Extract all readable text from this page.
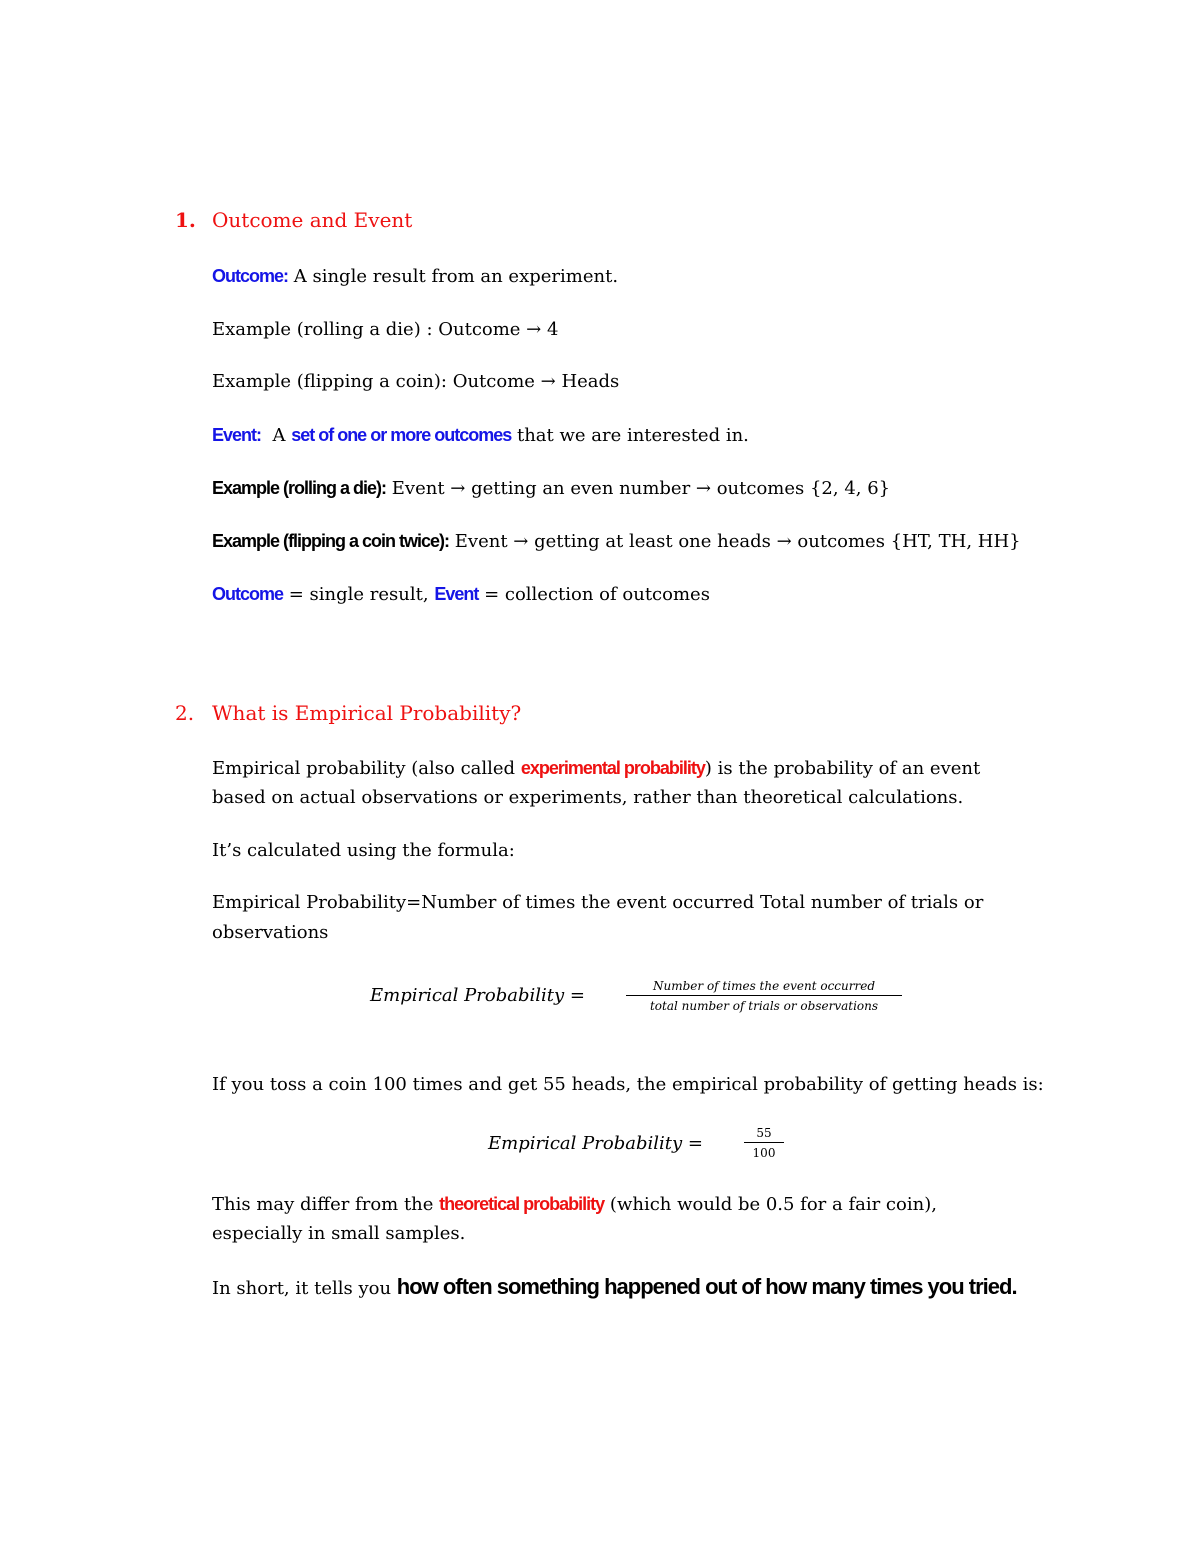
1. Outcome and Event
Outcome: A single result from an experiment.
Example (rolling a die) : Outcome → 4
Example (flipping a coin): Outcome → Heads
Event:  A set of one or more outcomes that we are interested in.
Example (rolling a die): Event → getting an even number → outcomes {2, 4, 6}
Example (flipping a coin twice): Event → getting at least one heads → outcomes {HT, TH, HH}
Outcome = single result, Event = collection of outcomes
2. What is Empirical Probability?
Empirical probability (also called experimental probability) is the probability of an event
based on actual observations or experiments, rather than theoretical calculations.
It’s calculated using the formula:
Empirical Probability=Number of times the event occurred Total number of trials or
observations
Empirical Probability =	Number of times the event occurred
total number of trials or observations
If you toss a coin 100 times and get 55 heads, the empirical probability of getting heads is:
Empirical Probability =	55
100
This may differ from the theoretical probability (which would be 0.5 for a fair coin),
especially in small samples.
In short, it tells you how often something happened out of how many times you tried.
